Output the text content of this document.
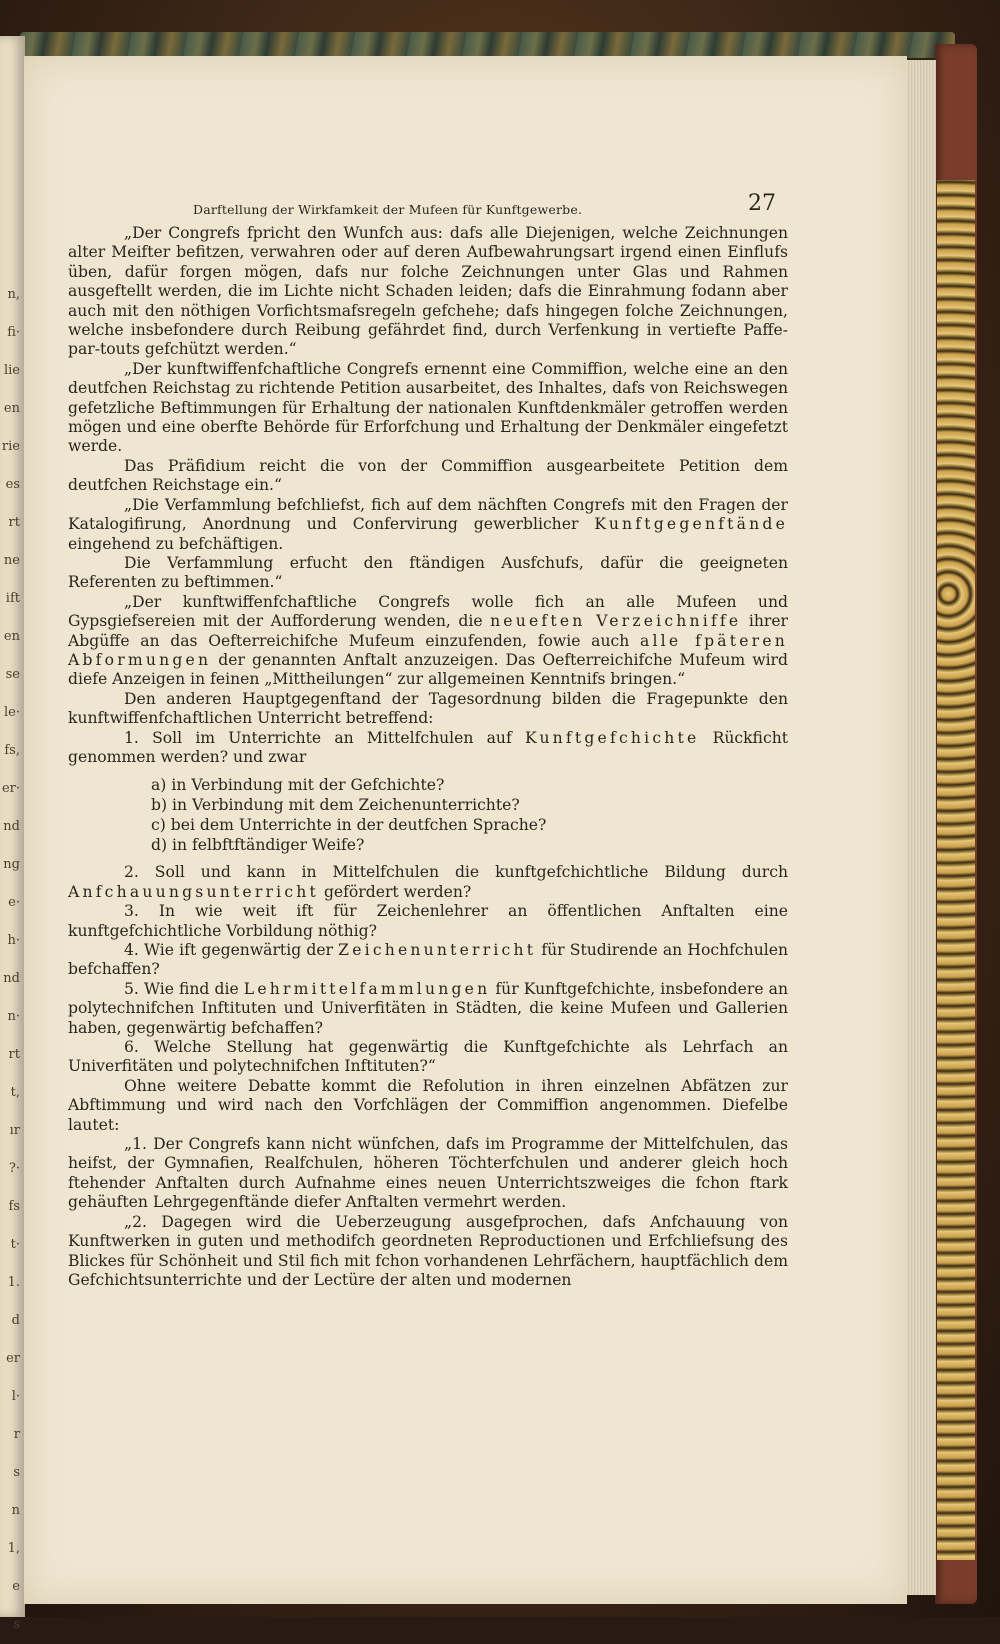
n,
fi·
lie
en
rie
es
rt
ne
ift
en
se
le·
fs,
er·
nd
ng
e·
h·
nd
n·
rt
t,
ır
?·
fs
t·
1.
d
er
l·
r
s
n
1,
e
s
Darftellung der Wirkfamkeit der Mufeen für Kunftgewerbe.	27

„Der Congrefs fpricht den Wunfch aus: dafs alle Diejenigen, welche Zeichnungen alter Meifter befitzen, verwahren oder auf deren Aufbewahrungsart irgend einen Einflufs üben, dafür forgen mögen, dafs nur folche Zeichnungen unter Glas und Rahmen ausgeftellt werden, die im Lichte nicht Schaden leiden; dafs die Einrahmung fodann aber auch mit den nöthigen Vorfichtsmafsregeln gefchehe; dafs hingegen folche Zeichnungen, welche insbefondere durch Reibung gefährdet find, durch Verfenkung in vertiefte Paffe-par-touts gefchützt werden.“

„Der kunftwiffenfchaftliche Congrefs ernennt eine Commiffion, welche eine an den deutfchen Reichstag zu richtende Petition ausarbeitet, des Inhaltes, dafs von Reichswegen gefetzliche Beftimmungen für Erhaltung der nationalen Kunftdenkmäler getroffen werden mögen und eine oberfte Behörde für Erforfchung und Erhaltung der Denkmäler eingefetzt werde.

Das Präfidium reicht die von der Commiffion ausgearbeitete Petition dem deutfchen Reichstage ein.“

„Die Verfammlung befchliefst, fich auf dem nächften Congrefs mit den Fragen der Katalogifirung, Anordnung und Confervirung gewerblicher Kunftgegenftände eingehend zu befchäftigen.

Die Verfammlung erfucht den ftändigen Ausfchufs, dafür die geeigneten Referenten zu beftimmen.“

„Der kunftwiffenfchaftliche Congrefs wolle fich an alle Mufeen und Gypsgiefsereien mit der Aufforderung wenden, die neueften Verzeichniffe ihrer Abgüffe an das Oefterreichifche Mufeum einzufenden, fowie auch alle fpäteren Abformungen der genannten Anftalt anzuzeigen. Das Oefterreichifche Mufeum wird diefe Anzeigen in feinen „Mittheilungen“ zur allgemeinen Kenntnifs bringen.“

Den anderen Hauptgegenftand der Tagesordnung bilden die Fragepunkte den kunftwiffenfchaftlichen Unterricht betreffend:

1. Soll im Unterrichte an Mittelfchulen auf Kunftgefchichte Rückficht genommen werden? und zwar

a) in Verbindung mit der Gefchichte?
b) in Verbindung mit dem Zeichenunterrichte?
c) bei dem Unterrichte in der deutfchen Sprache?
d) in felbftftändiger Weife?

2. Soll und kann in Mittelfchulen die kunftgefchichtliche Bildung durch Anfchauungsunterricht gefördert werden?

3. In wie weit ift für Zeichenlehrer an öffentlichen Anftalten eine kunftgefchichtliche Vorbildung nöthig?

4. Wie ift gegenwärtig der Zeichenunterricht für Studirende an Hochfchulen befchaffen?

5. Wie find die Lehrmittelfammlungen für Kunftgefchichte, insbefondere an polytechnifchen Inftituten und Univerfitäten in Städten, die keine Mufeen und Gallerien haben, gegenwärtig befchaffen?

6. Welche Stellung hat gegenwärtig die Kunftgefchichte als Lehrfach an Univerfitäten und polytechnifchen Inftituten?“

Ohne weitere Debatte kommt die Refolution in ihren einzelnen Abfätzen zur Abftimmung und wird nach den Vorfchlägen der Commiffion angenommen. Diefelbe lautet:

„1. Der Congrefs kann nicht wünfchen, dafs im Programme der Mittelfchulen, das heifst, der Gymnafien, Realfchulen, höheren Töchterfchulen und anderer gleich hoch ftehender Anftalten durch Aufnahme eines neuen Unterrichtszweiges die fchon ftark gehäuften Lehrgegenftände diefer Anftalten vermehrt werden.

„2. Dagegen wird die Ueberzeugung ausgefprochen, dafs Anfchauung von Kunftwerken in guten und methodifch geordneten Reproductionen und Erfchliefsung des Blickes für Schönheit und Stil fich mit fchon vorhandenen Lehrfächern, hauptfächlich dem Gefchichtsunterrichte und der Lectüre der alten und modernen
